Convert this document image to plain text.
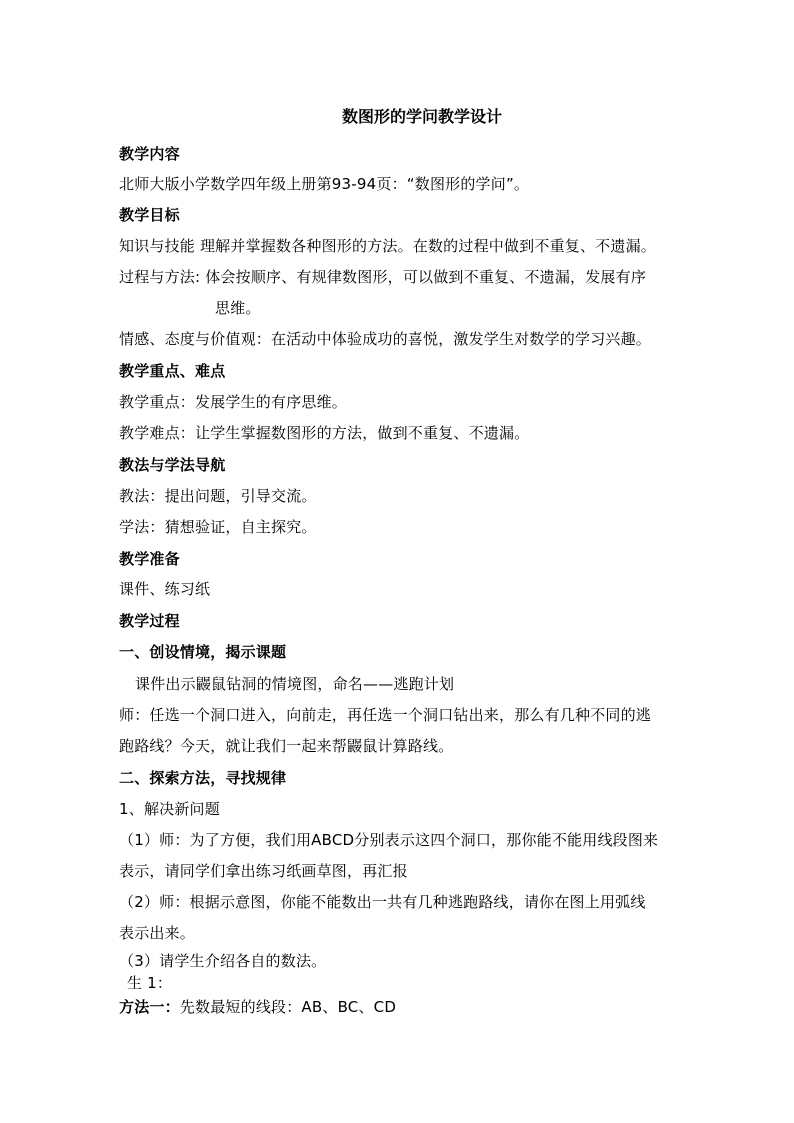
数图形的学问教学设计
教学内容
北师大版小学数学四年级上册第93-94页：“数图形的学问”。
教学目标
知识与技能 理解并掌握数各种图形的方法。在数的过程中做到不重复、不遗漏。
过程与方法: 体会按顺序、有规律数图形，可以做到不重复、不遗漏，发展有序
思维。
情感、态度与价值观：在活动中体验成功的喜悦，激发学生对数学的学习兴趣。
教学重点、难点
教学重点：发展学生的有序思维。
教学难点：让学生掌握数图形的方法，做到不重复、不遗漏。
教法与学法导航
教法：提出问题，引导交流。
学法：猜想验证，自主探究。
教学准备
课件、练习纸
教学过程
一、创设情境，揭示课题
课件出示鼹鼠钻洞的情境图，命名——逃跑计划
师：任选一个洞口进入，向前走，再任选一个洞口钻出来，那么有几种不同的逃
跑路线？今天，就让我们一起来帮鼹鼠计算路线。
二、探索方法，寻找规律
1、解决新问题
（1）师：为了方便，我们用ABCD分别表示这四个洞口，那你能不能用线段图来
表示，请同学们拿出练习纸画草图，再汇报
（2）师：根据示意图，你能不能数出一共有几种逃跑路线，请你在图上用弧线
表示出来。
（3）请学生介绍各自的数法。
生 1：
方法一：先数最短的线段：AB、BC、CD
